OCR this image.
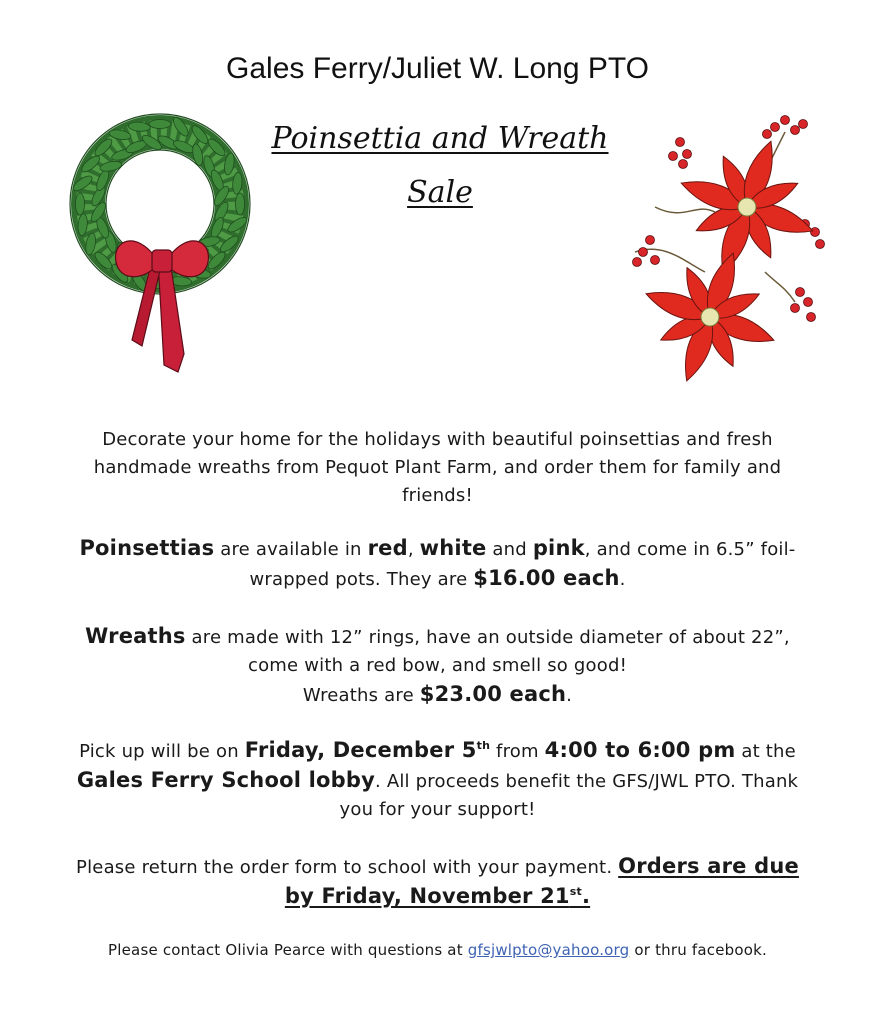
Gales Ferry/Juliet W. Long PTO
Poinsettia and Wreath
Sale
Decorate your home for the holidays with beautiful poinsettias and fresh handmade wreaths from Pequot Plant Farm, and order them for family and friends!
Poinsettias are available in red, white and pink, and come in 6.5” foil-wrapped pots. They are $16.00 each.
Wreaths are made with 12” rings, have an outside diameter of about 22”, come with a red bow, and smell so good!
Wreaths are $23.00 each.
Pick up will be on Friday, December 5th from 4:00 to 6:00 pm at the Gales Ferry School lobby. All proceeds benefit the GFS/JWL PTO. Thank you for your support!
Please return the order form to school with your payment. Orders are due by Friday, November 21st.
Please contact Olivia Pearce with questions at gfsjwlpto@yahoo.org or thru facebook.
